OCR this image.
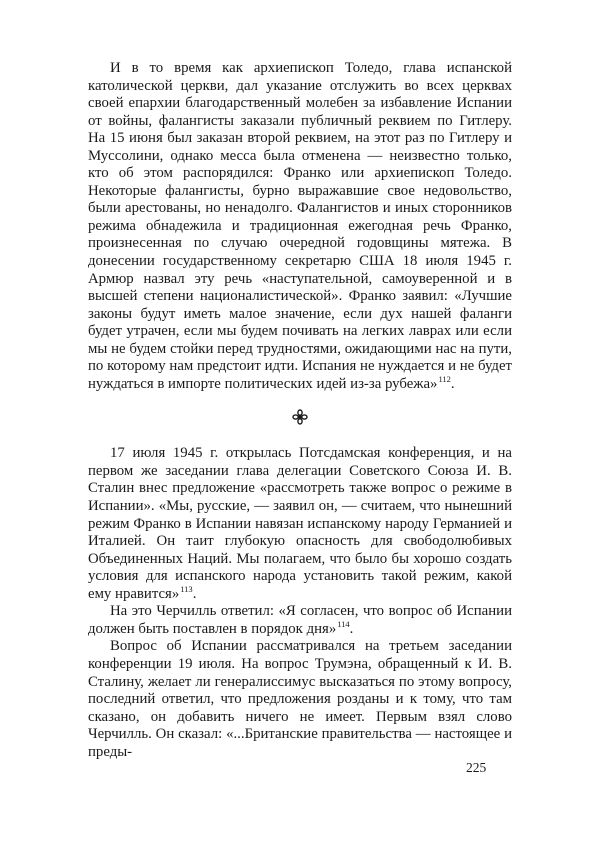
И в то время как архиепископ Толедо, глава испанской католической церкви, дал указание отслужить во всех церквах своей епархии благодарственный молебен за избавление Испании от войны, фалангисты заказали публичный реквием по Гитлеру. На 15 июня был заказан второй реквием, на этот раз по Гитлеру и Муссолини, однако месса была отменена — неизвестно только, кто об этом распорядился: Франко или архиепископ Толедо. Некоторые фалангисты, бурно выражавшие свое недовольство, были арестованы, но ненадолго. Фалангистов и иных сторонников режима обнадежила и традиционная ежегодная речь Франко, произнесенная по случаю очередной годовщины мятежа. В донесении государственному секретарю США 18 июля 1945 г. Армюр назвал эту речь «наступательной, самоуверенной и в высшей степени националистической». Франко заявил: «Лучшие законы будут иметь малое значение, если дух нашей фаланги будет утрачен, если мы будем почивать на легких лаврах или если мы не будем стойки перед трудностями, ожидающими нас на пути, по которому нам предстоит идти. Испания не нуждается и не будет нуждаться в импорте политических идей из-за рубежа»$^{112}$.

17 июля 1945 г. открылась Потсдамская конференция, и на первом же заседании глава делегации Советского Союза И. В. Сталин внес предложение «рассмотреть также вопрос о режиме в Испании». «Мы, русские, — заявил он, — считаем, что нынешний режим Франко в Испании навязан испанскому народу Германией и Италией. Он таит глубокую опасность для свободолюбивых Объединенных Наций. Мы полагаем, что было бы хорошо создать условия для испанского народа установить такой режим, какой ему нравится»$^{113}$.

На это Черчилль ответил: «Я согласен, что вопрос об Испании должен быть поставлен в порядок дня»$^{114}$.

Вопрос об Испании рассматривался на третьем заседании конференции 19 июля. На вопрос Трумэна, обращенный к И. В. Сталину, желает ли генералиссимус высказаться по этому вопросу, последний ответил, что предложения розданы и к тому, что там сказано, он добавить ничего не имеет. Первым взял слово Черчилль. Он сказал: «...Британские правительства — настоящее и преды-

225
